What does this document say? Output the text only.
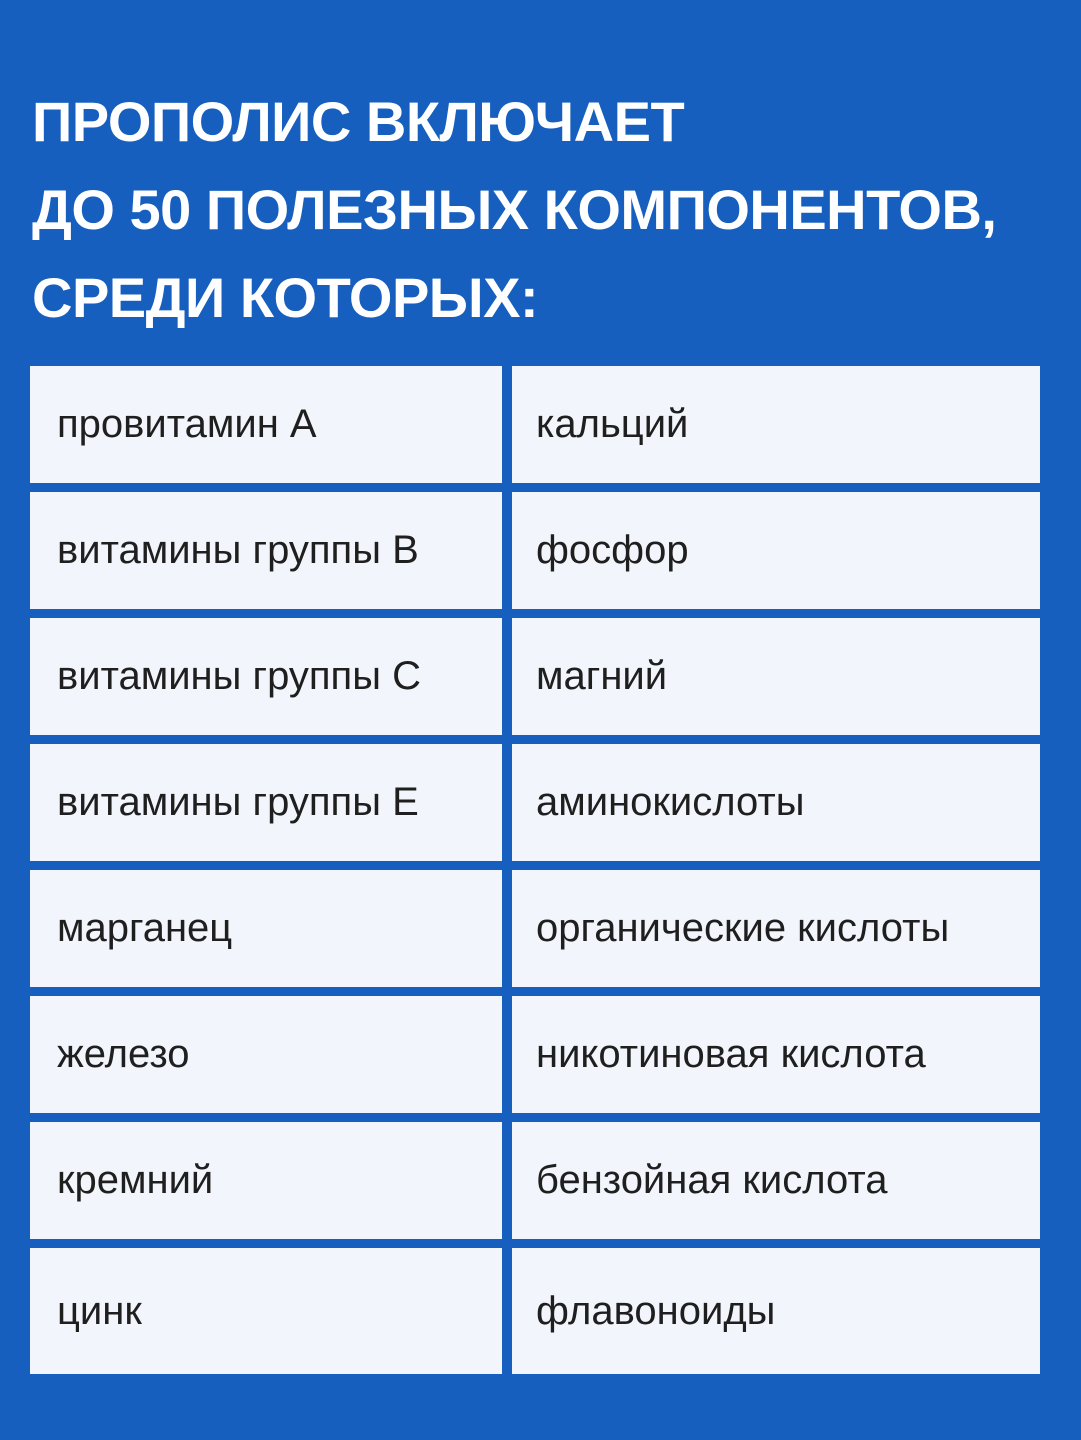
ПРОПОЛИС ВКЛЮЧАЕТ
ДО 50 ПОЛЕЗНЫХ КОМПОНЕНТОВ,
СРЕДИ КОТОРЫХ:
провитамин А	кальций
витамины группы В	фосфор
витамины группы С	магний
витамины группы Е	аминокислоты
марганец	органические кислоты
железо	никотиновая кислота
кремний	бензойная кислота
цинк	флавоноиды
